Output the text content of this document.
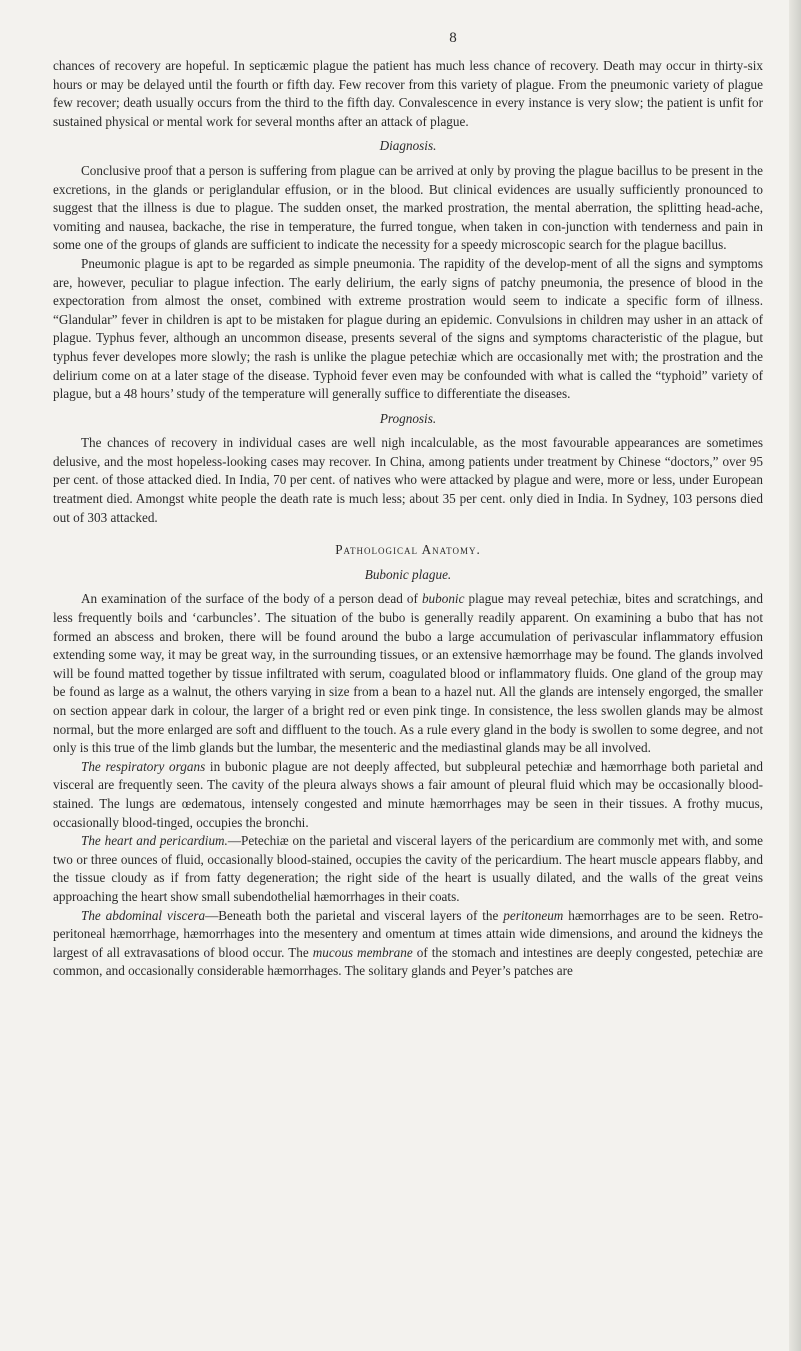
8

chances of recovery are hopeful. In septicæmic plague the patient has much less chance of recovery. Death may occur in thirty-six hours or may be delayed until the fourth or fifth day. Few recover from this variety of plague. From the pneumonic variety of plague few recover; death usually occurs from the third to the fifth day. Convalescence in every instance is very slow; the patient is unfit for sustained physical or mental work for several months after an attack of plague.

Diagnosis.

Conclusive proof that a person is suffering from plague can be arrived at only by proving the plague bacillus to be present in the excretions, in the glands or periglandular effusion, or in the blood. But clinical evidences are usually sufficiently pronounced to suggest that the illness is due to plague. The sudden onset, the marked prostration, the mental aberration, the splitting head-ache, vomiting and nausea, backache, the rise in temperature, the furred tongue, when taken in con-junction with tenderness and pain in some one of the groups of glands are sufficient to indicate the necessity for a speedy microscopic search for the plague bacillus.

Pneumonic plague is apt to be regarded as simple pneumonia. The rapidity of the develop-ment of all the signs and symptoms are, however, peculiar to plague infection. The early delirium, the early signs of patchy pneumonia, the presence of blood in the expectoration from almost the onset, combined with extreme prostration would seem to indicate a specific form of illness. “Glandular” fever in children is apt to be mistaken for plague during an epidemic. Convulsions in children may usher in an attack of plague. Typhus fever, although an uncommon disease, presents several of the signs and symptoms characteristic of the plague, but typhus fever developes more slowly; the rash is unlike the plague petechiæ which are occasionally met with; the prostration and the delirium come on at a later stage of the disease. Typhoid fever even may be confounded with what is called the “typhoid” variety of plague, but a 48 hours’ study of the temperature will generally suffice to differentiate the diseases.

Prognosis.

The chances of recovery in individual cases are well nigh incalculable, as the most favourable appearances are sometimes delusive, and the most hopeless-looking cases may recover. In China, among patients under treatment by Chinese “doctors,” over 95 per cent. of those attacked died. In India, 70 per cent. of natives who were attacked by plague and were, more or less, under European treatment died. Amongst white people the death rate is much less; about 35 per cent. only died in India. In Sydney, 103 persons died out of 303 attacked.

Pathological Anatomy.
Bubonic plague.

An examination of the surface of the body of a person dead of bubonic plague may reveal petechiæ, bites and scratchings, and less frequently boils and ‘carbuncles’. The situation of the bubo is generally readily apparent. On examining a bubo that has not formed an abscess and broken, there will be found around the bubo a large accumulation of perivascular inflammatory effusion extending some way, it may be great way, in the surrounding tissues, or an extensive hæmorrhage may be found. The glands involved will be found matted together by tissue infiltrated with serum, coagulated blood or inflammatory fluids. One gland of the group may be found as large as a walnut, the others varying in size from a bean to a hazel nut. All the glands are intensely engorged, the smaller on section appear dark in colour, the larger of a bright red or even pink tinge. In consistence, the less swollen glands may be almost normal, but the more enlarged are soft and diffluent to the touch. As a rule every gland in the body is swollen to some degree, and not only is this true of the limb glands but the lumbar, the mesenteric and the mediastinal glands may be all involved.

The respiratory organs in bubonic plague are not deeply affected, but subpleural petechiæ and hæmorrhage both parietal and visceral are frequently seen. The cavity of the pleura always shows a fair amount of pleural fluid which may be occasionally blood-stained. The lungs are œdematous, intensely congested and minute hæmorrhages may be seen in their tissues. A frothy mucus, occasionally blood-tinged, occupies the bronchi.

The heart and pericardium.—Petechiæ on the parietal and visceral layers of the pericardium are commonly met with, and some two or three ounces of fluid, occasionally blood-stained, occupies the cavity of the pericardium. The heart muscle appears flabby, and the tissue cloudy as if from fatty degeneration; the right side of the heart is usually dilated, and the walls of the great veins approaching the heart show small subendothelial hæmorrhages in their coats.

The abdominal viscera—Beneath both the parietal and visceral layers of the peritoneum hæmorrhages are to be seen. Retro-peritoneal hæmorrhage, hæmorrhages into the mesentery and omentum at times attain wide dimensions, and around the kidneys the largest of all extravasations of blood occur. The mucous membrane of the stomach and intestines are deeply congested, petechiæ are common, and occasionally considerable hæmorrhages. The solitary glands and Peyer’s patches are
